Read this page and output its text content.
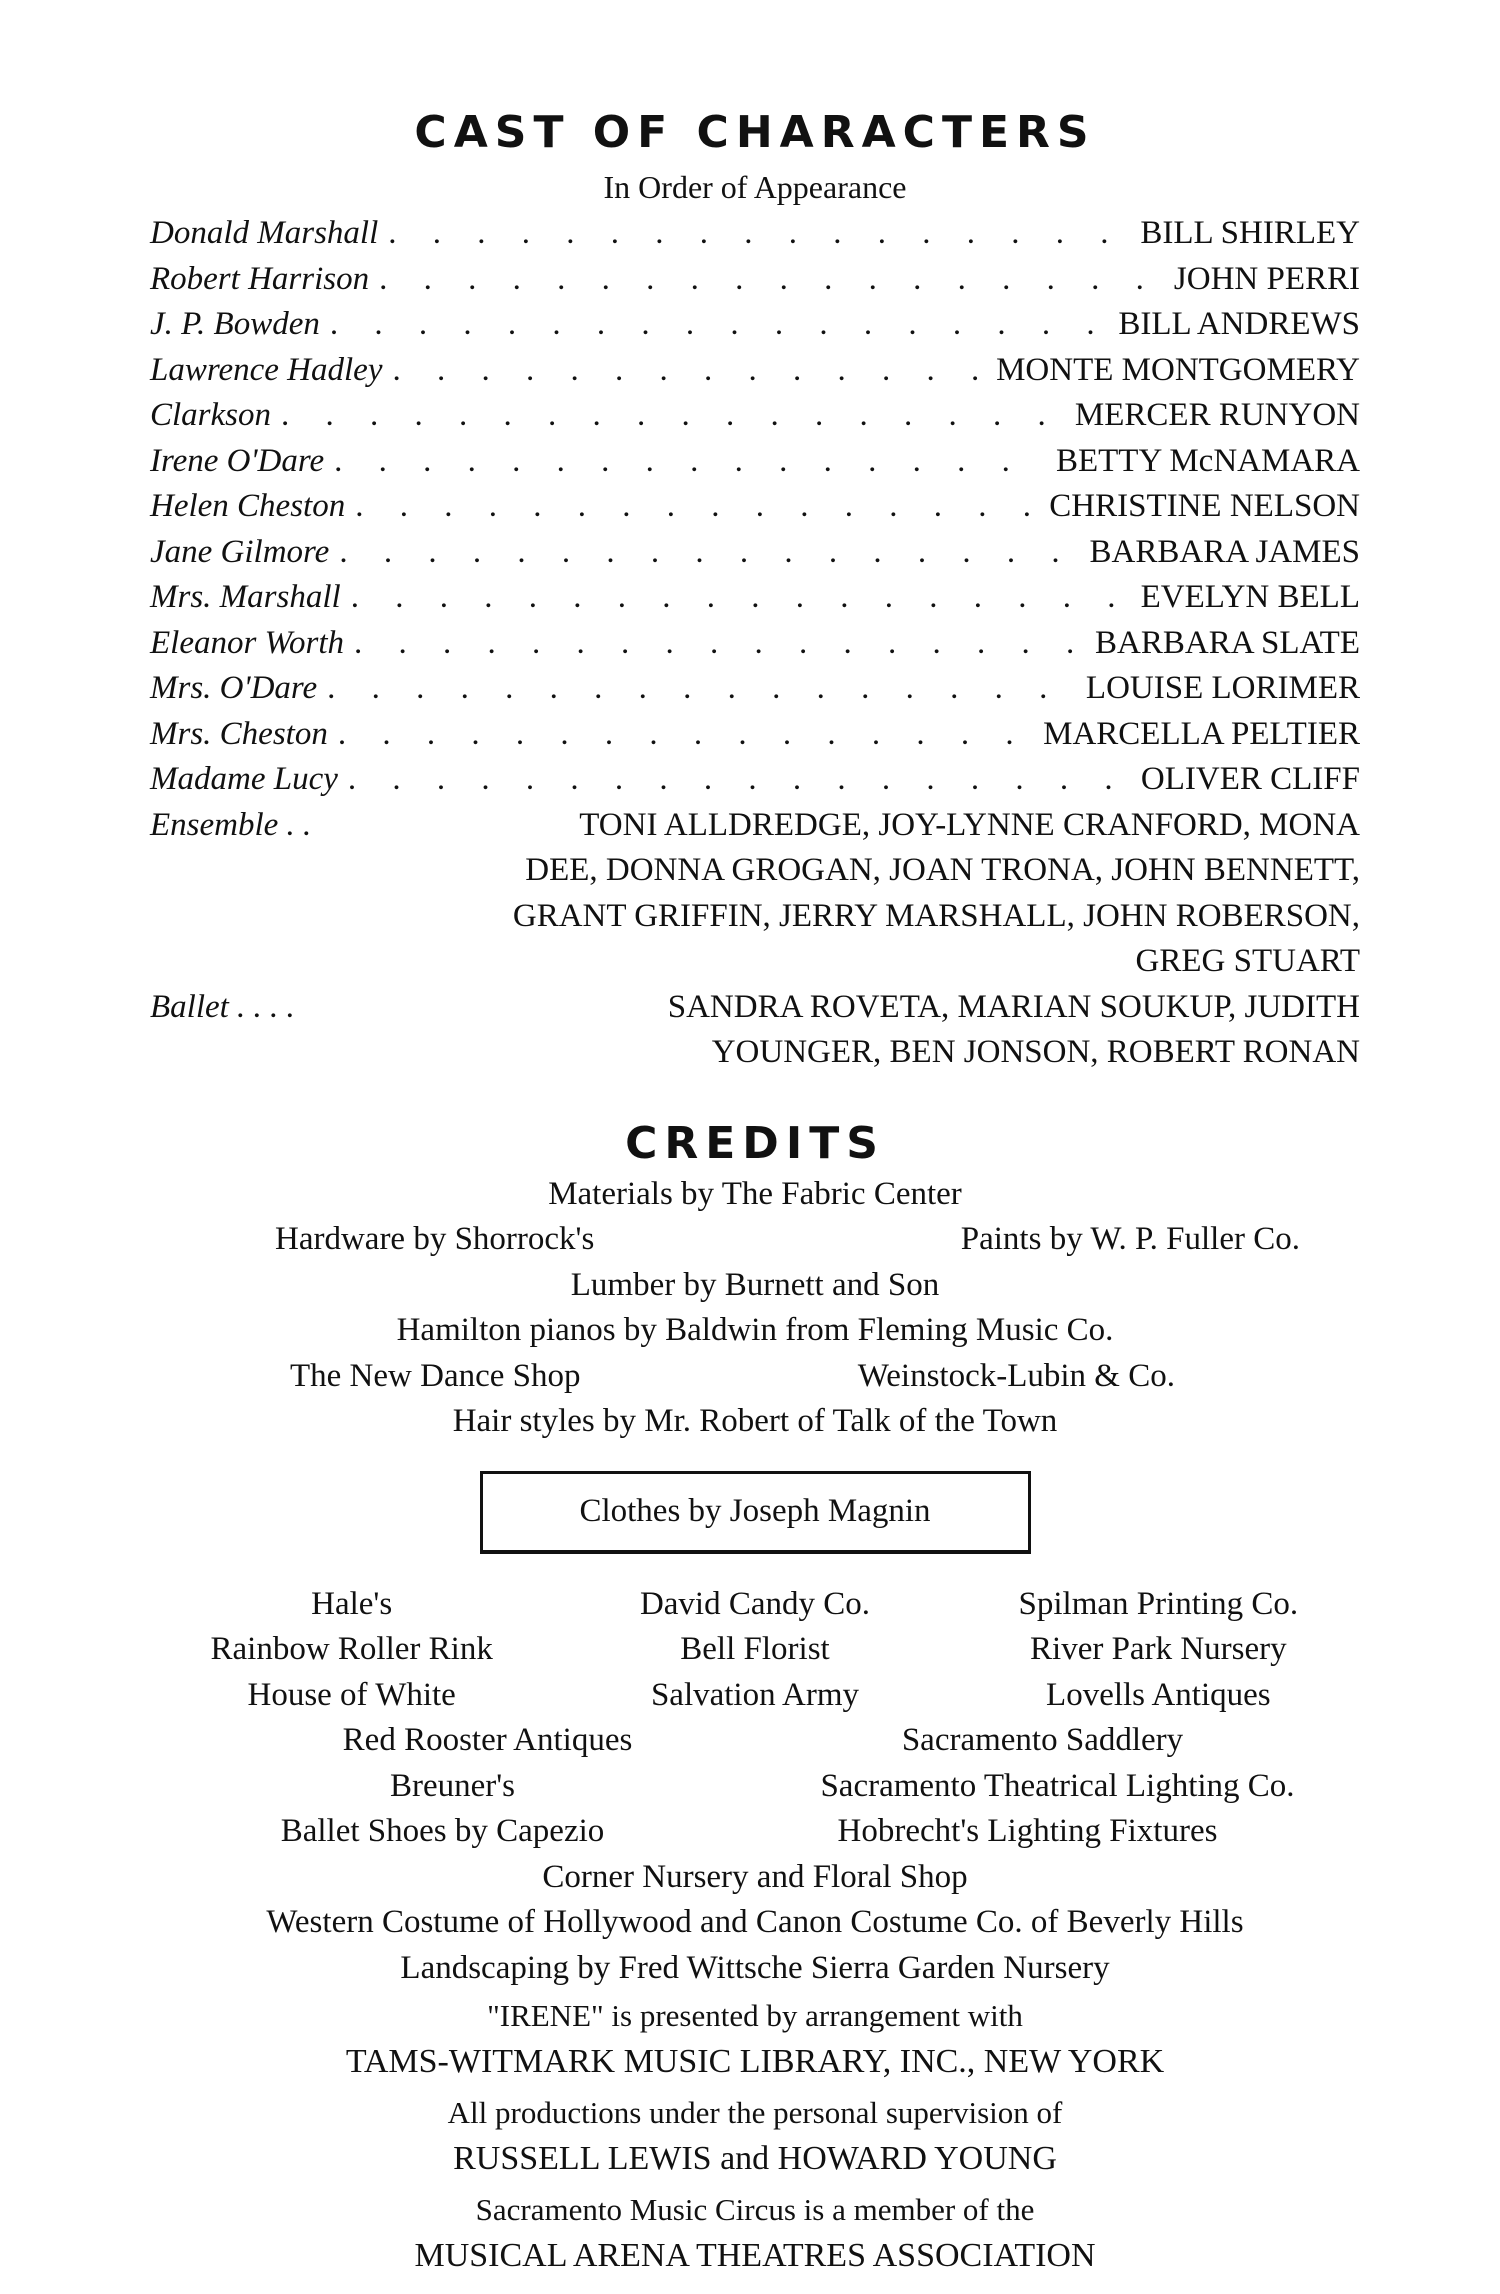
CAST OF CHARACTERS
In Order of Appearance
Donald Marshall . . .	BILL SHIRLEY
Robert Harrison . . .	JOHN PERRI
J. P. Bowden . . .	BILL ANDREWS
Lawrence Hadley . . .	MONTE MONTGOMERY
Clarkson . . .	MERCER RUNYON
Irene O'Dare . . .	BETTY McNAMARA
Helen Cheston . . .	CHRISTINE NELSON
Jane Gilmore . . .	BARBARA JAMES
Mrs. Marshall . . .	EVELYN BELL
Eleanor Worth . . .	BARBARA SLATE
Mrs. O'Dare . . .	LOUISE LORIMER
Mrs. Cheston . . .	MARCELLA PELTIER
Madame Lucy . . .	OLIVER CLIFF
Ensemble . .	TONI ALLDREDGE, JOY-LYNNE CRANFORD, MONA
DEE, DONNA GROGAN, JOAN TRONA, JOHN BENNETT,
GRANT GRIFFIN, JERRY MARSHALL, JOHN ROBERSON,
GREG STUART
Ballet . . . .	SANDRA ROVETA, MARIAN SOUKUP, JUDITH
YOUNGER, BEN JONSON, ROBERT RONAN
CREDITS
Materials by The Fabric Center
Hardware by Shorrock's	Paints by W. P. Fuller Co.
Lumber by Burnett and Son
Hamilton pianos by Baldwin from Fleming Music Co.
The New Dance Shop	Weinstock-Lubin & Co.
Hair styles by Mr. Robert of Talk of the Town
Clothes by Joseph Magnin
Hale's	David Candy Co.	Spilman Printing Co.
Rainbow Roller Rink	Bell Florist	River Park Nursery
House of White	Salvation Army	Lovells Antiques
Red Rooster Antiques	Sacramento Saddlery
Breuner's	Sacramento Theatrical Lighting Co.
Ballet Shoes by Capezio	Hobrecht's Lighting Fixtures
Corner Nursery and Floral Shop
Western Costume of Hollywood and Canon Costume Co. of Beverly Hills
Landscaping by Fred Wittsche Sierra Garden Nursery
"IRENE" is presented by arrangement with
TAMS-WITMARK MUSIC LIBRARY, INC., NEW YORK
All productions under the personal supervision of
RUSSELL LEWIS and HOWARD YOUNG
Sacramento Music Circus is a member of the
MUSICAL ARENA THEATRES ASSOCIATION
